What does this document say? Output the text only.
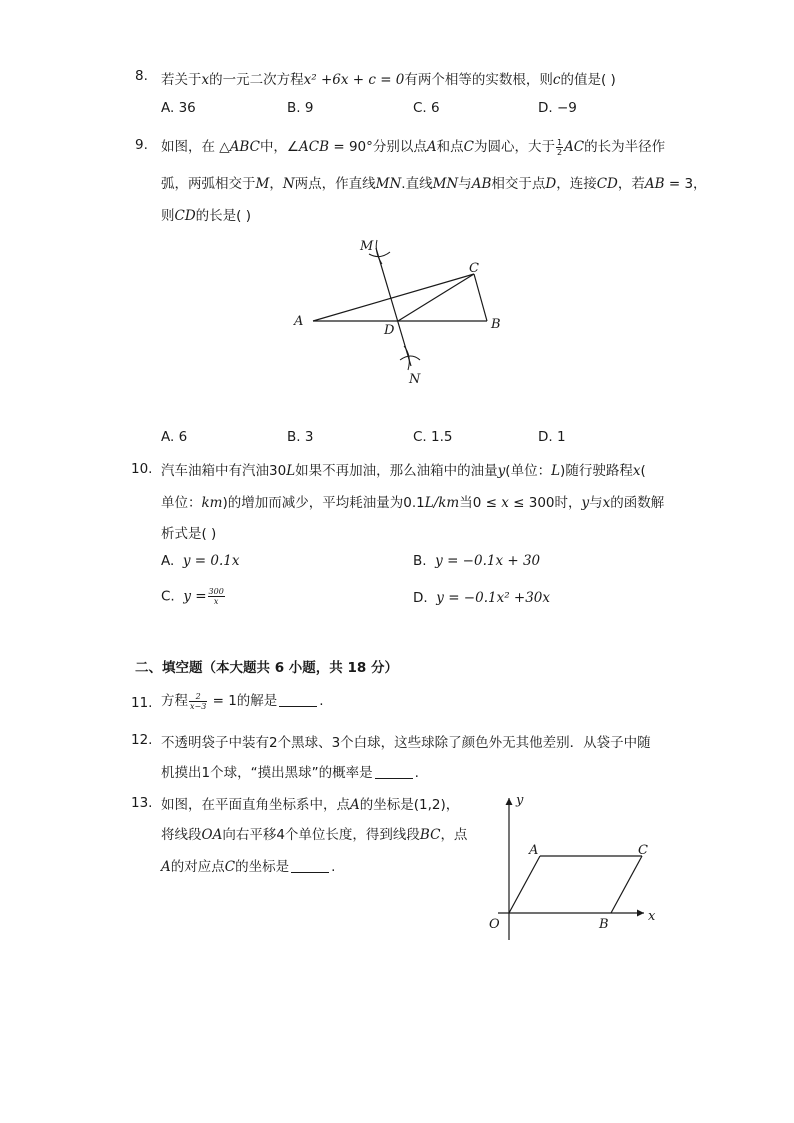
8. 若关于x的一元二次方程x² +6x + c = 0有两个相等的实数根，则c的值是( )
A. 36	B. 9	C. 6	D. −9
9. 如图，在 △ABC中，∠ACB = 90°分别以点A和点C为圆心，大于 $\frac{1}{2}$ AC的长为半径作
弧，两弧相交于M，N两点，作直线MN.直线MN与AB相交于点D，连接CD，若AB = 3，
则CD的长是( )
A	B
C
D
M
N
A. 6	B. 3	C. 1.5	D. 1
10. 汽车油箱中有汽油30L如果不再加油，那么油箱中的油量y(单位：L)随行驶路程x(
单位：km)的增加而减少，平均耗油量为0.1L/km当0 ≤ x ≤ 300时，y与x的函数解
析式是( )
A. y = 0.1x	B. y = −0.1x + 30
C. $y = \frac{300}{x}$	D. y = −0.1x² +30x
二、填空题（本大题共 6 小题，共 18 分）
11. 方程 $\frac{2}{x-3} = 1$的解是	.
12. 不透明袋子中装有2个黑球、3个白球，这些球除了颜色外无其他差别．从袋子中随
机摸出1个球，“摸出黑球”的概率是	.
13. 如图，在平面直角坐标系中，点A的坐标是(1,2)，
将线段OA向右平移4个单位长度，得到线段BC，点
A的对应点C的坐标是	.
y
x
O
A	C
B
